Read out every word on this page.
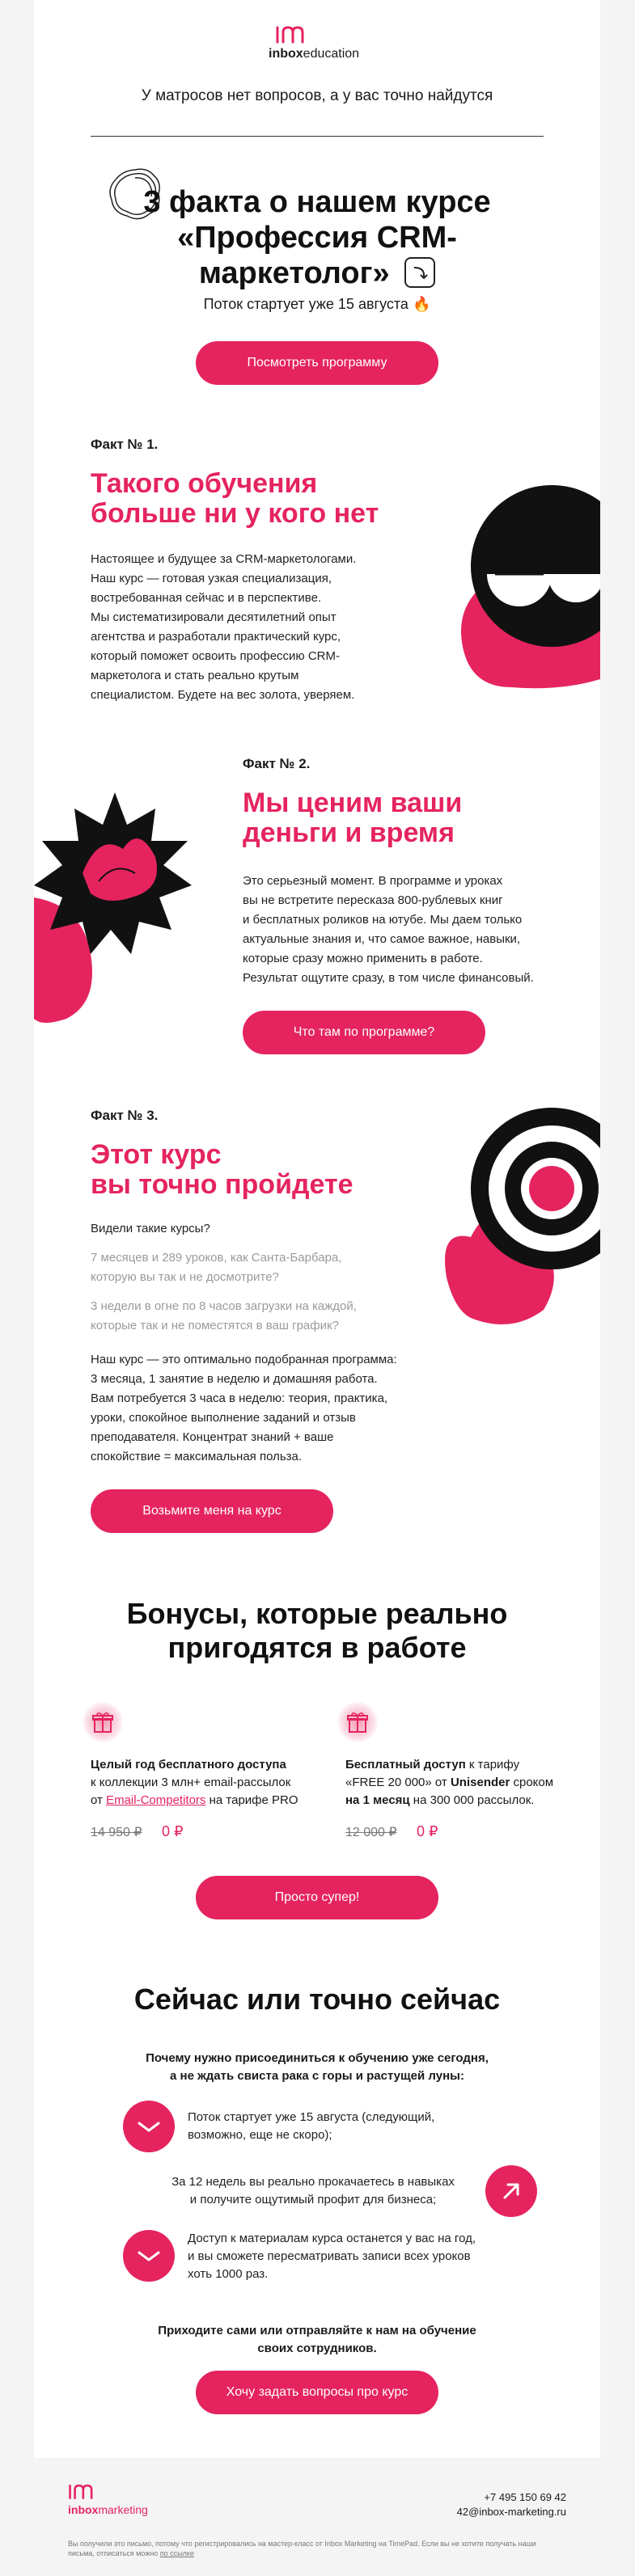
inboxeducation
У матросов нет вопросов, а у вас точно найдутся
3 факта о нашем курсе
«Профессия CRM-
маркетолог»
Поток стартует уже 15 августа 🔥
Посмотреть программу
Факт № 1.
Такого обучения
больше ни у кого нет
Настоящее и будущее за CRM-маркетологами.
Наш курс — готовая узкая специализация,
востребованная сейчас и в перспективе.
Мы систематизировали десятилетний опыт
агентства и разработали практический курс,
который поможет освоить профессию CRM-
маркетолога и стать реально крутым
специалистом. Будете на вес золота, уверяем.
Факт № 2.
Мы ценим ваши
деньги и время
Это серьезный момент. В программе и уроках
вы не встретите пересказа 800-рублевых книг
и бесплатных роликов на ютубе. Мы даем только
актуальные знания и, что самое важное, навыки,
которые сразу можно применить в работе.
Результат ощутите сразу, в том числе финансовый.
Что там по программе?
Факт № 3.
Этот курс
вы точно пройдете
Видели такие курсы?
7 месяцев и 289 уроков, как Санта-Барбара,
которую вы так и не досмотрите?
3 недели в огне по 8 часов загрузки на каждой,
которые так и не поместятся в ваш график?
Наш курс — это оптимально подобранная программа:
3 месяца, 1 занятие в неделю и домашняя работа.
Вам потребуется 3 часа в неделю: теория, практика,
уроки, спокойное выполнение заданий и отзыв
преподавателя. Концентрат знаний + ваше
спокойствие = максимальная польза.
Возьмите меня на курс
Бонусы, которые реально
пригодятся в работе
Целый год бесплатного доступа
к коллекции 3 млн+ email-рассылок
от Email-Competitors на тарифе PRO
14 950 ₽ 0 ₽
Бесплатный доступ к тарифу
«FREE 20 000» от Unisender сроком
на 1 месяц на 300 000 рассылок.
12 000 ₽ 0 ₽
Просто супер!
Сейчас или точно сейчас
Почему нужно присоединиться к обучению уже сегодня,
а не ждать свиста рака с горы и растущей луны:
Поток стартует уже 15 августа (следующий,
возможно, еще не скоро);
За 12 недель вы реально прокачаетесь в навыках
и получите ощутимый профит для бизнеса;
Доступ к материалам курса останется у вас на год,
и вы сможете пересматривать записи всех уроков
хоть 1000 раз.
Приходите сами или отправляйте к нам на обучение
своих сотрудников.
Хочу задать вопросы про курс
inboxmarketing
+7 495 150 69 42
42@inbox-marketing.ru
Вы получили это письмо, потому что регистрировались на мастер-класс от Inbox Marketing на TimePad. Если вы не хотите получать наши
письма, отписаться можно по ссылке
